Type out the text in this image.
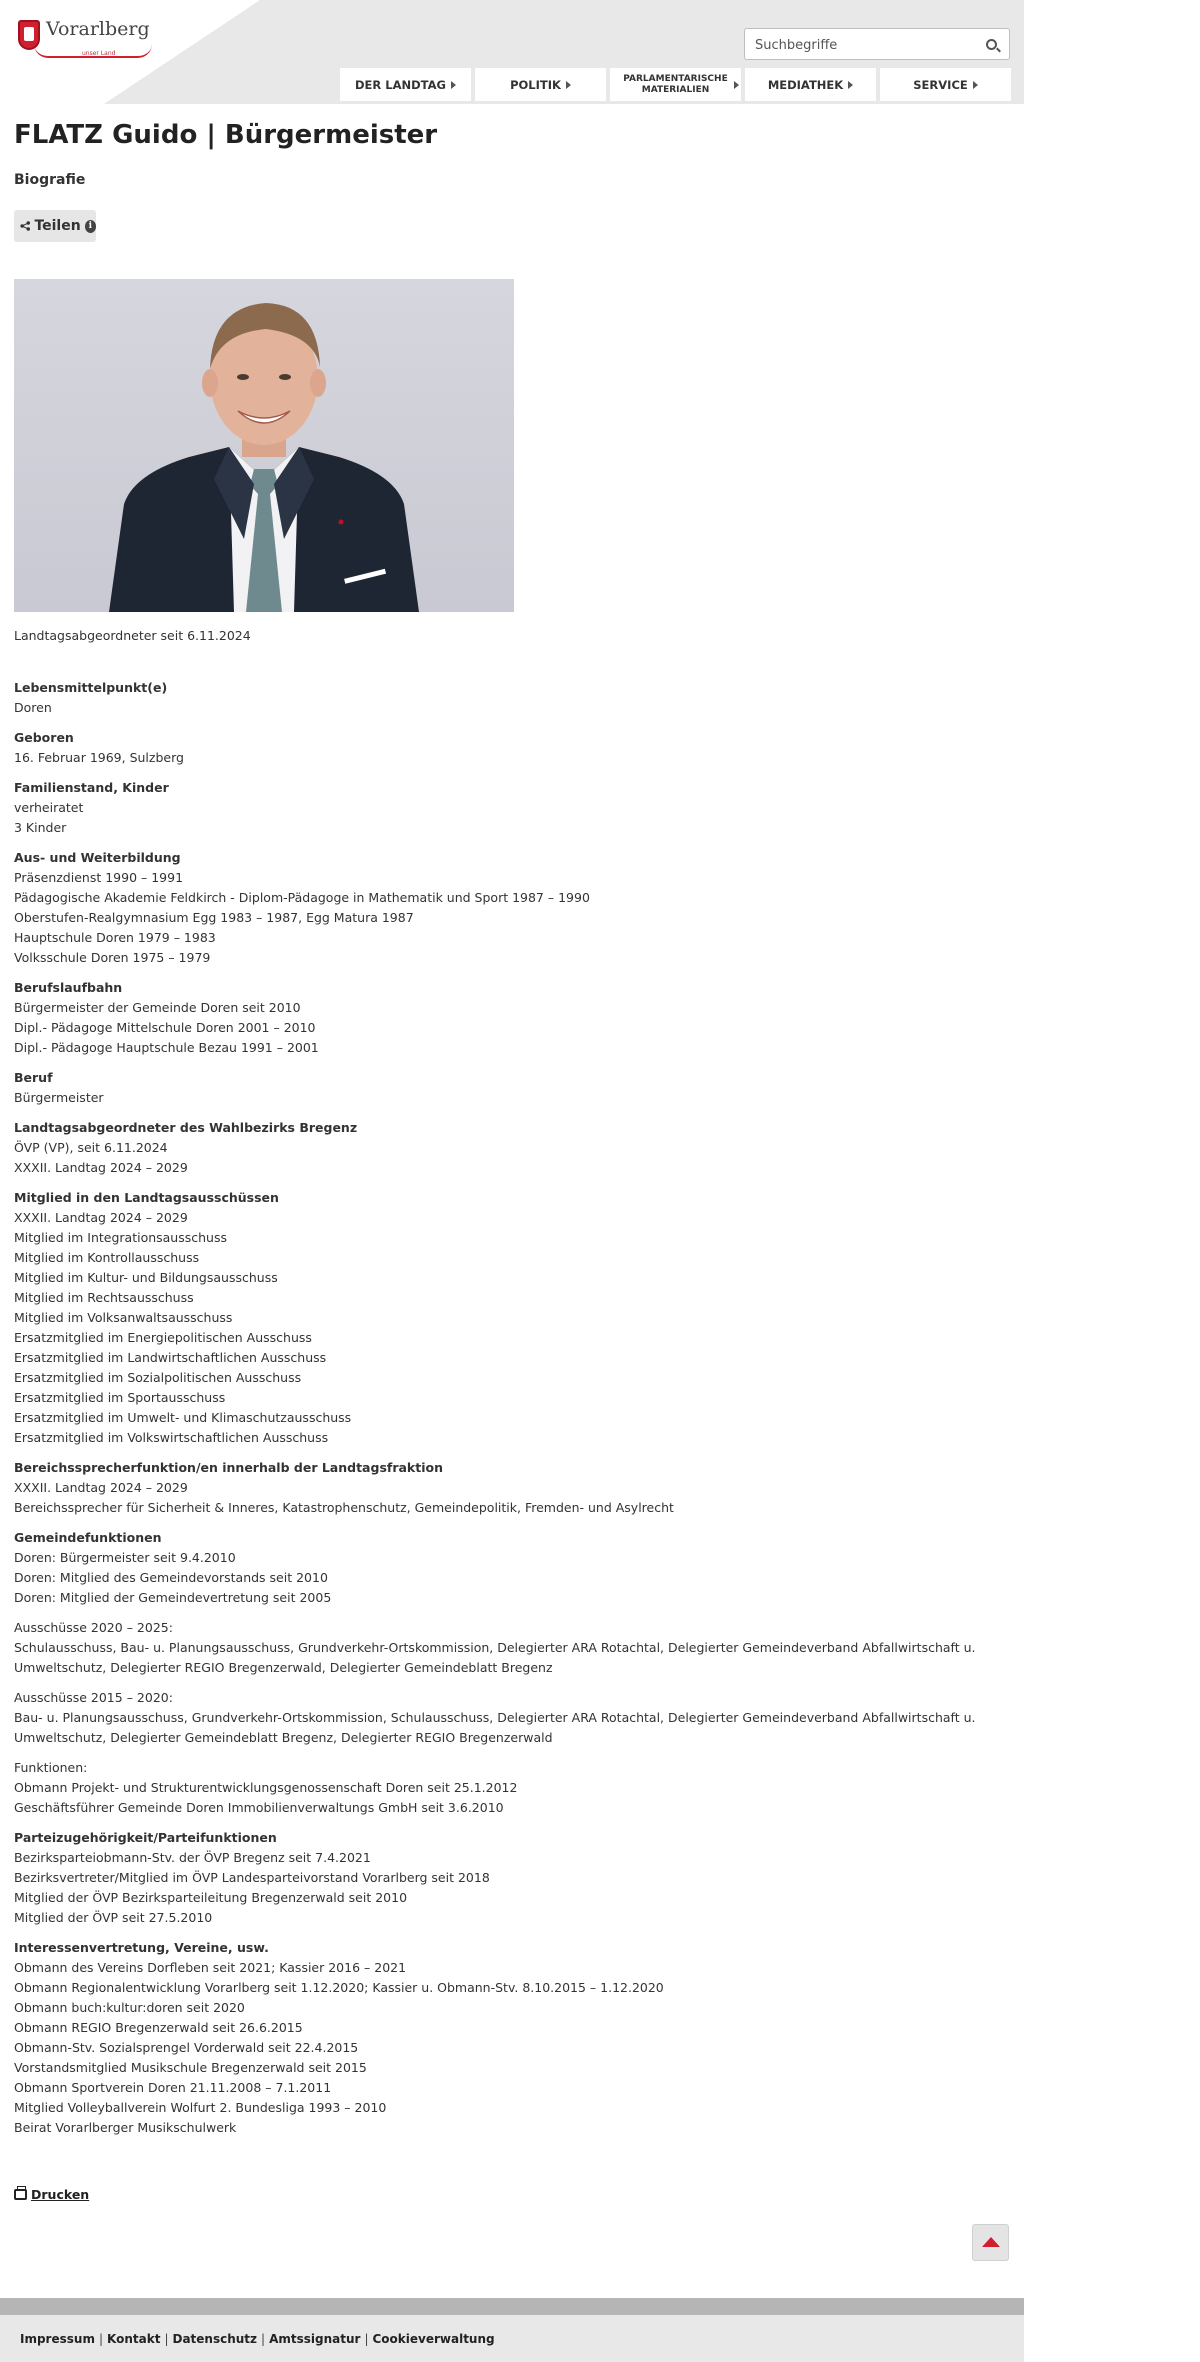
Vorarlberg
unser Land
Suchbegriffe
DER LANDTAG	POLITIK	PARLAMENTARISCHE MATERIALIEN	MEDIATHEK	SERVICE
FLATZ Guido | Bürgermeister
Biografie
Teilen i
Landtagsabgeordneter seit 6.11.2024
Lebensmittelpunkt(e)
Doren
Geboren
16. Februar 1969, Sulzberg
Familienstand, Kinder
verheiratet
3 Kinder
Aus- und Weiterbildung
Präsenzdienst 1990 – 1991
Pädagogische Akademie Feldkirch - Diplom-Pädagoge in Mathematik und Sport 1987 – 1990
Oberstufen-Realgymnasium Egg 1983 – 1987, Egg Matura 1987
Hauptschule Doren 1979 – 1983
Volksschule Doren 1975 – 1979
Berufslaufbahn
Bürgermeister der Gemeinde Doren seit 2010
Dipl.- Pädagoge Mittelschule Doren 2001 – 2010
Dipl.- Pädagoge Hauptschule Bezau 1991 – 2001
Beruf
Bürgermeister
Landtagsabgeordneter des Wahlbezirks Bregenz
ÖVP (VP), seit 6.11.2024
XXXII. Landtag 2024 – 2029
Mitglied in den Landtagsausschüssen
XXXII. Landtag 2024 – 2029
Mitglied im Integrationsausschuss
Mitglied im Kontrollausschuss
Mitglied im Kultur- und Bildungsausschuss
Mitglied im Rechtsausschuss
Mitglied im Volksanwaltsausschuss
Ersatzmitglied im Energiepolitischen Ausschuss
Ersatzmitglied im Landwirtschaftlichen Ausschuss
Ersatzmitglied im Sozialpolitischen Ausschuss
Ersatzmitglied im Sportausschuss
Ersatzmitglied im Umwelt- und Klimaschutzausschuss
Ersatzmitglied im Volkswirtschaftlichen Ausschuss
Bereichssprecherfunktion/en innerhalb der Landtagsfraktion
XXXII. Landtag 2024 – 2029
Bereichssprecher für Sicherheit & Inneres, Katastrophenschutz, Gemeindepolitik, Fremden- und Asylrecht
Gemeindefunktionen
Doren: Bürgermeister seit 9.4.2010
Doren: Mitglied des Gemeindevorstands seit 2010
Doren: Mitglied der Gemeindevertretung seit 2005
Ausschüsse 2020 – 2025:
Schulausschuss, Bau- u. Planungsausschuss, Grundverkehr-Ortskommission, Delegierter ARA Rotachtal, Delegierter Gemeindeverband Abfallwirtschaft u. Umweltschutz, Delegierter REGIO Bregenzerwald, Delegierter Gemeindeblatt Bregenz
Ausschüsse 2015 – 2020:
Bau- u. Planungsausschuss, Grundverkehr-Ortskommission, Schulausschuss, Delegierter ARA Rotachtal, Delegierter Gemeindeverband Abfallwirtschaft u. Umweltschutz, Delegierter Gemeindeblatt Bregenz, Delegierter REGIO Bregenzerwald
Funktionen:
Obmann Projekt- und Strukturentwicklungsgenossenschaft Doren seit 25.1.2012
Geschäftsführer Gemeinde Doren Immobilienverwaltungs GmbH seit 3.6.2010
Parteizugehörigkeit/Parteifunktionen
Bezirksparteiobmann-Stv. der ÖVP Bregenz seit 7.4.2021
Bezirksvertreter/Mitglied im ÖVP Landesparteivorstand Vorarlberg seit 2018
Mitglied der ÖVP Bezirksparteileitung Bregenzerwald seit 2010
Mitglied der ÖVP seit 27.5.2010
Interessenvertretung, Vereine, usw.
Obmann des Vereins Dorfleben seit 2021; Kassier 2016 – 2021
Obmann Regionalentwicklung Vorarlberg seit 1.12.2020; Kassier u. Obmann-Stv. 8.10.2015 – 1.12.2020
Obmann buch:kultur:doren seit 2020
Obmann REGIO Bregenzerwald seit 26.6.2015
Obmann-Stv. Sozialsprengel Vorderwald seit 22.4.2015
Vorstandsmitglied Musikschule Bregenzerwald seit 2015
Obmann Sportverein Doren 21.11.2008 – 7.1.2011
Mitglied Volleyballverein Wolfurt 2. Bundesliga 1993 – 2010
Beirat Vorarlberger Musikschulwerk
Drucken
Impressum | Kontakt | Datenschutz | Amtssignatur | Cookieverwaltung
